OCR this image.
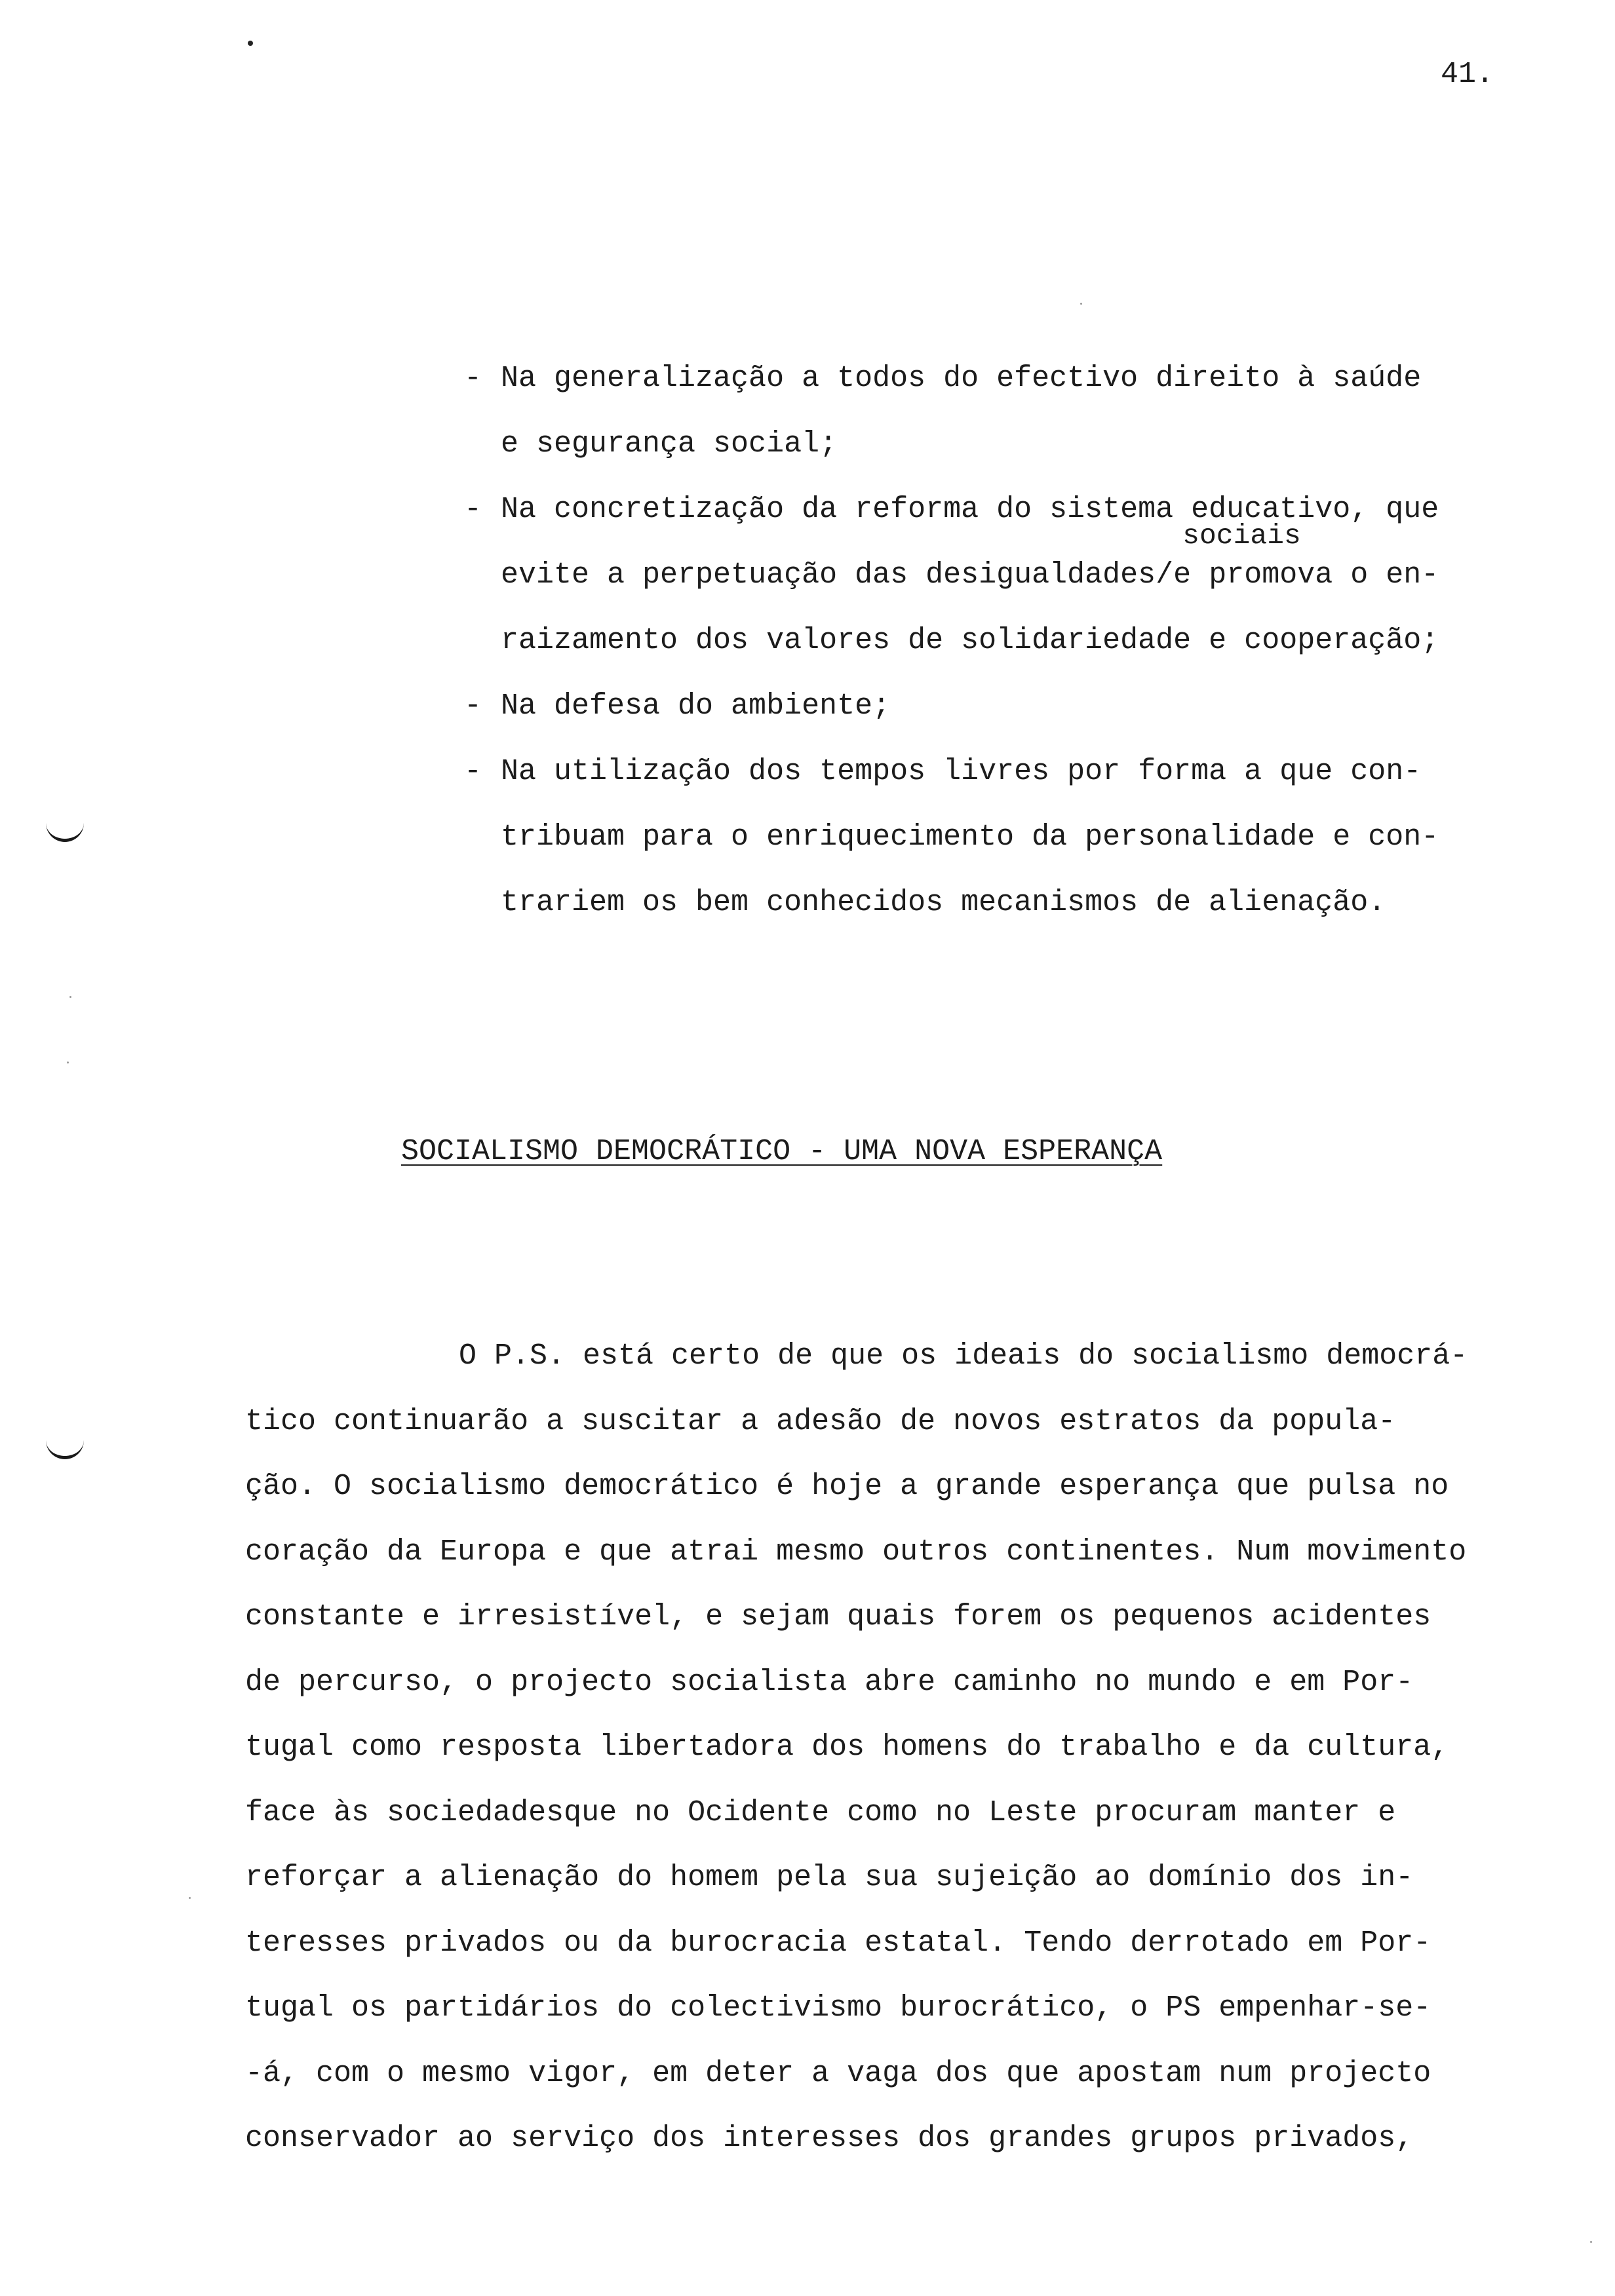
41.
- Na generalização a todos do efectivo direito à saúde
e segurança social;
- Na concretização da reforma do sistema educativo, que
evite a perpetuação das desigualdades/
sociais
e promova o en-
raizamento dos valores de solidariedade e cooperação;
- Na defesa do ambiente;
- Na utilização dos tempos livres por forma a que con-
tribuam para o enriquecimento da personalidade e con-
trariem os bem conhecidos mecanismos de alienação.
SOCIALISMO DEMOCRÁTICO - UMA NOVA ESPERANÇA
O P.S. está certo de que os ideais do socialismo democrá-
tico continuarão a suscitar a adesão de novos estratos da popula-
ção. O socialismo democrático é hoje a grande esperança que pulsa no
coração da Europa e que atrai mesmo outros continentes. Num movimento
constante e irresistível, e sejam quais forem os pequenos acidentes
de percurso, o projecto socialista abre caminho no mundo e em Por-
tugal como resposta libertadora dos homens do trabalho e da cultura,
face às sociedadesque no Ocidente como no Leste procuram manter e
reforçar a alienação do homem pela sua sujeição ao domínio dos in-
teresses privados ou da burocracia estatal. Tendo derrotado em Por-
tugal os partidários do colectivismo burocrático, o PS empenhar-se-
-á, com o mesmo vigor, em deter a vaga dos que apostam num projecto
conservador ao serviço dos interesses dos grandes grupos privados,
